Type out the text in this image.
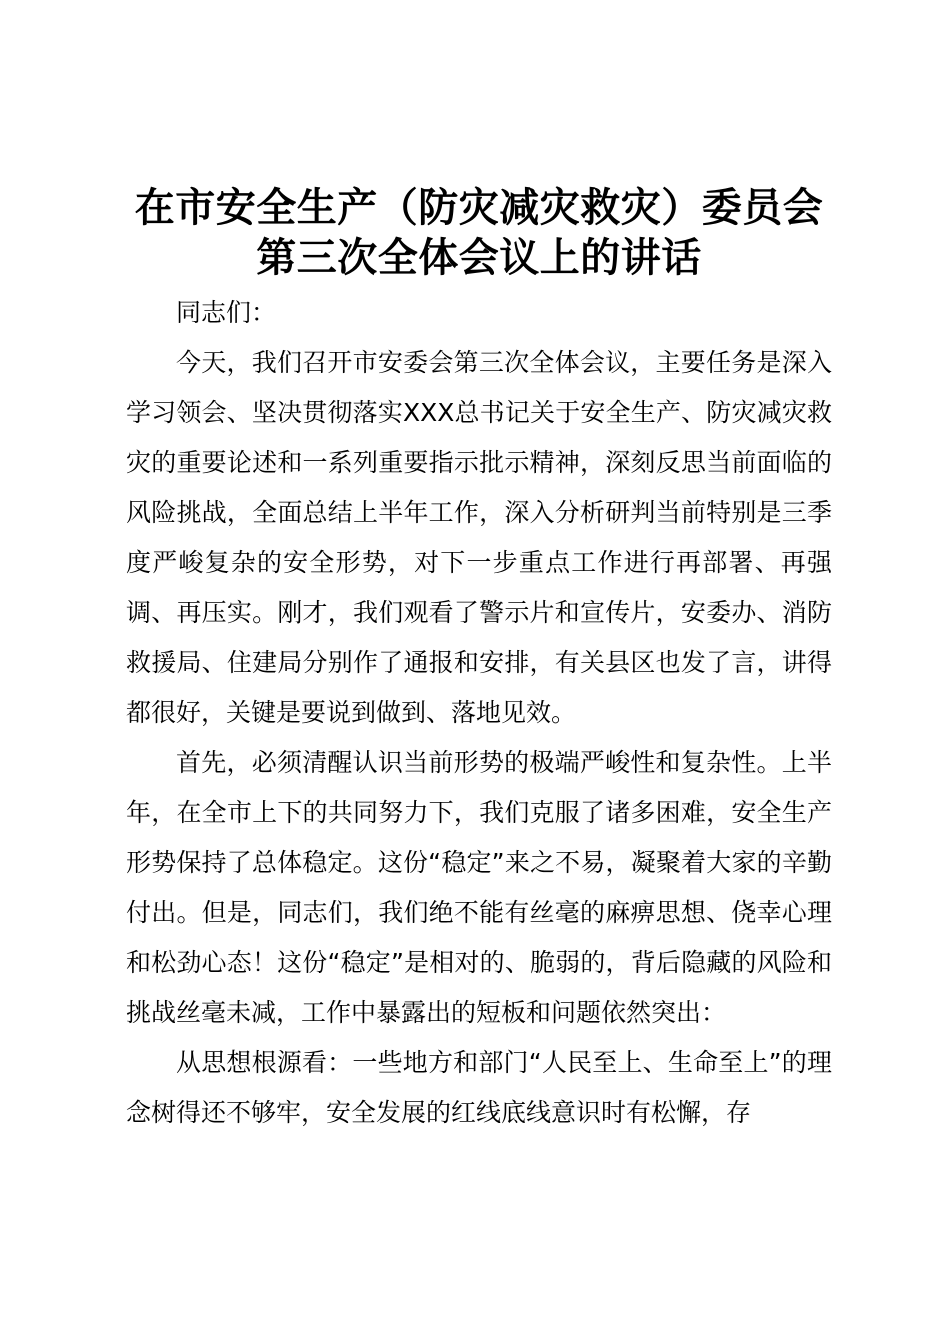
在市安全生产（防灾减灾救灾）委员会
第三次全体会议上的讲话

同志们：

今天，我们召开市安委会第三次全体会议，主要任务是深入学习领会、坚决贯彻落实XXX总书记关于安全生产、防灾减灾救灾的重要论述和一系列重要指示批示精神，深刻反思当前面临的风险挑战，全面总结上半年工作，深入分析研判当前特别是三季度严峻复杂的安全形势，对下一步重点工作进行再部署、再强调、再压实。刚才，我们观看了警示片和宣传片，安委办、消防救援局、住建局分别作了通报和安排，有关县区也发了言，讲得都很好，关键是要说到做到、落地见效。

首先，必须清醒认识当前形势的极端严峻性和复杂性。上半年，在全市上下的共同努力下，我们克服了诸多困难，安全生产形势保持了总体稳定。这份“稳定”来之不易，凝聚着大家的辛勤付出。但是，同志们，我们绝不能有丝毫的麻痹思想、侥幸心理和松劲心态！这份“稳定”是相对的、脆弱的，背后隐藏的风险和挑战丝毫未减，工作中暴露出的短板和问题依然突出：

从思想根源看：一些地方和部门“人民至上、生命至上”的理念树得还不够牢，安全发展的红线底线意识时有松懈，存
